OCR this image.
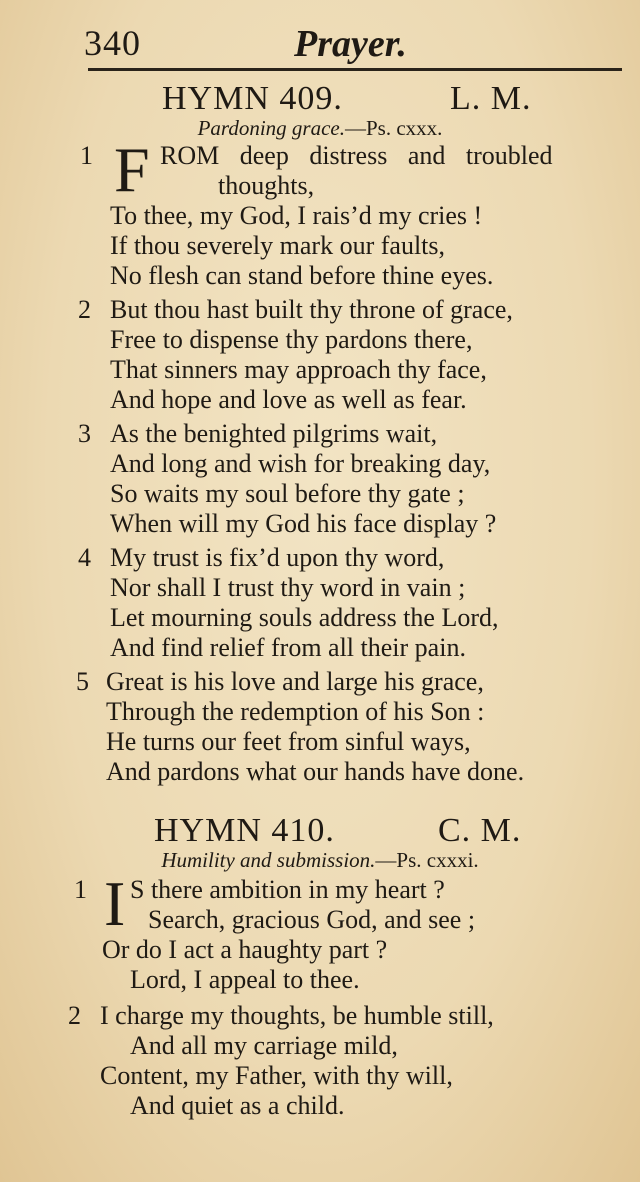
340	Prayer.
HYMN 409.	L. M.
Pardoning grace.—Ps. cxxx.
1 F ROM deep distress and troubled
thoughts,
To thee, my God, I rais’d my cries !
If thou severely mark our faults,
No flesh can stand before thine eyes.
2 But thou hast built thy throne of grace,
Free to dispense thy pardons there,
That sinners may approach thy face,
And hope and love as well as fear.
3 As the benighted pilgrims wait,
And long and wish for breaking day,
So waits my soul before thy gate ;
When will my God his face display ?
4 My trust is fix’d upon thy word,
Nor shall I trust thy word in vain ;
Let mourning souls address the Lord,
And find relief from all their pain.
5 Great is his love and large his grace,
Through the redemption of his Son :
He turns our feet from sinful ways,
And pardons what our hands have done.
HYMN 410.	C. M.
Humility and submission.—Ps. cxxxi.
1 I S there ambition in my heart ?
Search, gracious God, and see ;
Or do I act a haughty part ?
Lord, I appeal to thee.
2 I charge my thoughts, be humble still,
And all my carriage mild,
Content, my Father, with thy will,
And quiet as a child.
